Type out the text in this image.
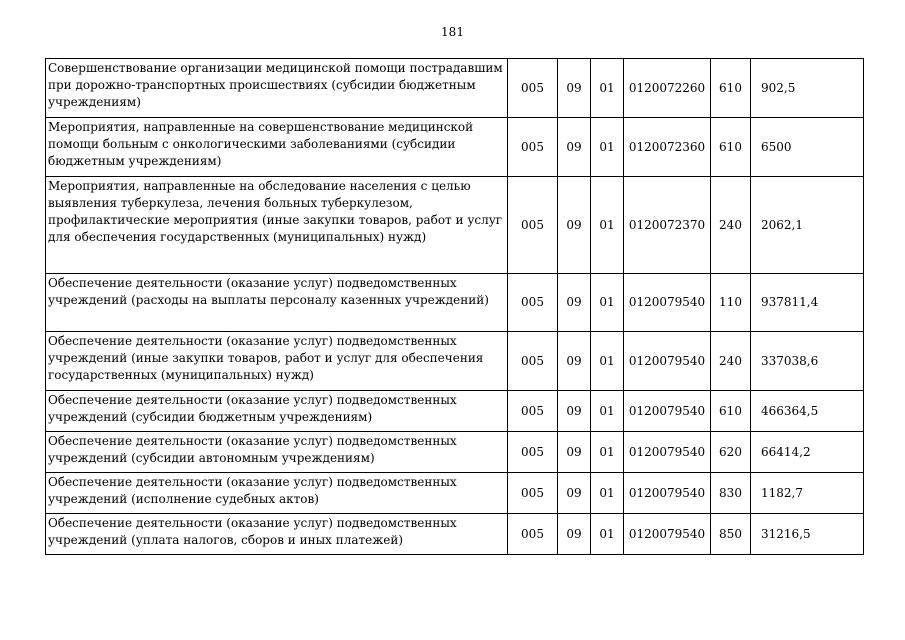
181
Совершенствование организации медицинской помощи пострадавшим при дорожно-транспортных происшествиях (субсидии бюджетным учреждениям)	005	09	01	0120072260	610	902,5
Мероприятия, направленные на совершенствование медицинской помощи больным с онкологическими заболеваниями (субсидии бюджетным учреждениям)	005	09	01	0120072360	610	6500
Мероприятия, направленные на обследование населения с целью выявления туберкулеза, лечения больных туберкулезом, профилактические мероприятия (иные закупки товаров, работ и услуг для обеспечения государственных (муниципальных) нужд)	005	09	01	0120072370	240	2062,1
Обеспечение деятельности (оказание услуг) подведомственных учреждений (расходы на выплаты персоналу казенных учреждений)	005	09	01	0120079540	110	937811,4
Обеспечение деятельности (оказание услуг) подведомственных учреждений (иные закупки товаров, работ и услуг для обеспечения государственных (муниципальных) нужд)	005	09	01	0120079540	240	337038,6
Обеспечение деятельности (оказание услуг) подведомственных учреждений (субсидии бюджетным учреждениям)	005	09	01	0120079540	610	466364,5
Обеспечение деятельности (оказание услуг) подведомственных учреждений (субсидии автономным учреждениям)	005	09	01	0120079540	620	66414,2
Обеспечение деятельности (оказание услуг) подведомственных учреждений (исполнение судебных актов)	005	09	01	0120079540	830	1182,7
Обеспечение деятельности (оказание услуг) подведомственных учреждений (уплата налогов, сборов и иных платежей)	005	09	01	0120079540	850	31216,5
